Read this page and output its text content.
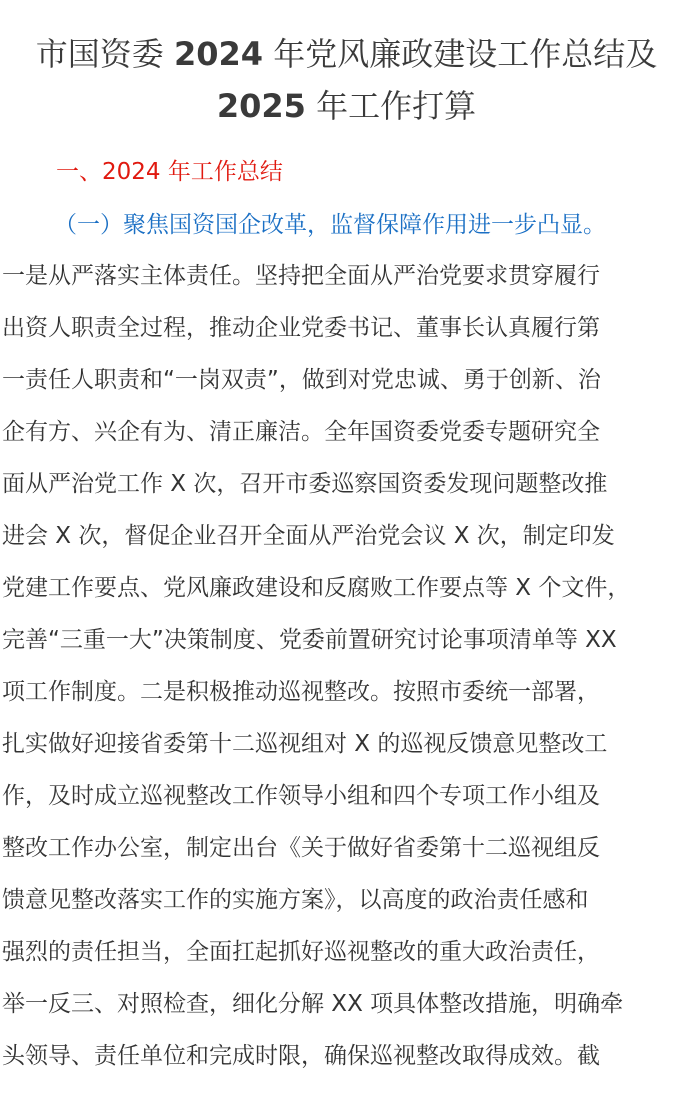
市国资委 2024 年党风廉政建设工作总结及
2025 年工作打算
一、2024 年工作总结
（一）聚焦国资国企改革，监督保障作用进一步凸显。
一是从严落实主体责任。坚持把全面从严治党要求贯穿履行
出资人职责全过程，推动企业党委书记、董事长认真履行第
一责任人职责和“一岗双责”，做到对党忠诚、勇于创新、治
企有方、兴企有为、清正廉洁。全年国资委党委专题研究全
面从严治党工作 X 次，召开市委巡察国资委发现问题整改推
进会 X 次，督促企业召开全面从严治党会议 X 次，制定印发
党建工作要点、党风廉政建设和反腐败工作要点等 X 个文件，
完善“三重一大”决策制度、党委前置研究讨论事项清单等 XX
项工作制度。二是积极推动巡视整改。按照市委统一部署，
扎实做好迎接省委第十二巡视组对 X 的巡视反馈意见整改工
作，及时成立巡视整改工作领导小组和四个专项工作小组及
整改工作办公室，制定出台《关于做好省委第十二巡视组反
馈意见整改落实工作的实施方案》，以高度的政治责任感和
强烈的责任担当，全面扛起抓好巡视整改的重大政治责任，
举一反三、对照检查，细化分解 XX 项具体整改措施，明确牵
头领导、责任单位和完成时限，确保巡视整改取得成效。截
